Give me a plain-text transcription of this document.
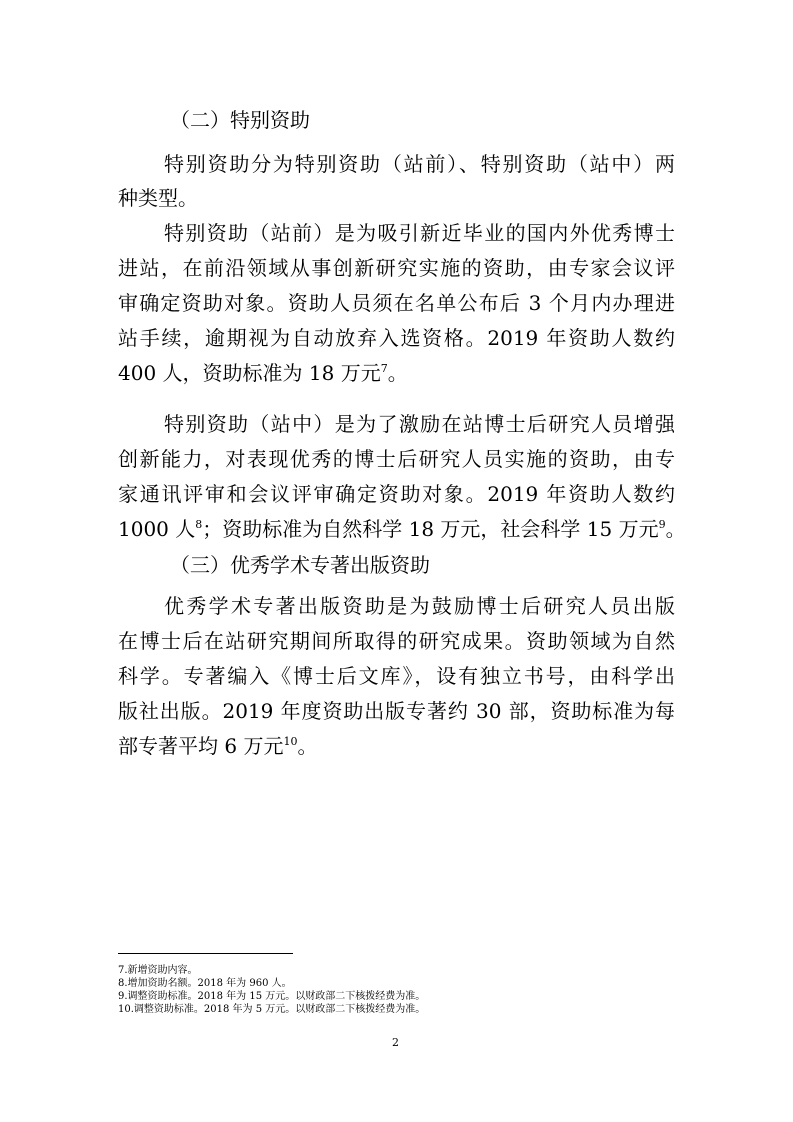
（二）特别资助
特别资助分为特别资助（站前）、特别资助（站中）两
种类型。
特别资助（站前）是为吸引新近毕业的国内外优秀博士
进站，在前沿领域从事创新研究实施的资助，由专家会议评
审确定资助对象。资助人员须在名单公布后 3 个月内办理进
站手续，逾期视为自动放弃入选资格。2019 年资助人数约
400 人，资助标准为 18 万元$^7$。
特别资助（站中）是为了激励在站博士后研究人员增强
创新能力，对表现优秀的博士后研究人员实施的资助，由专
家通讯评审和会议评审确定资助对象。2019 年资助人数约
1000 人$^8$；资助标准为自然科学 18 万元，社会科学 15 万元$^9$。
（三）优秀学术专著出版资助
优秀学术专著出版资助是为鼓励博士后研究人员出版
在博士后在站研究期间所取得的研究成果。资助领域为自然
科学。专著编入《博士后文库》，设有独立书号，由科学出
版社出版。2019 年度资助出版专著约 30 部，资助标准为每
部专著平均 6 万元$^{10}$。
7.新增资助内容。
8.增加资助名额。2018 年为 960 人。
9.调整资助标准。2018 年为 15 万元。以财政部二下核拨经费为准。
10.调整资助标准。2018 年为 5 万元。以财政部二下核拨经费为准。
2
